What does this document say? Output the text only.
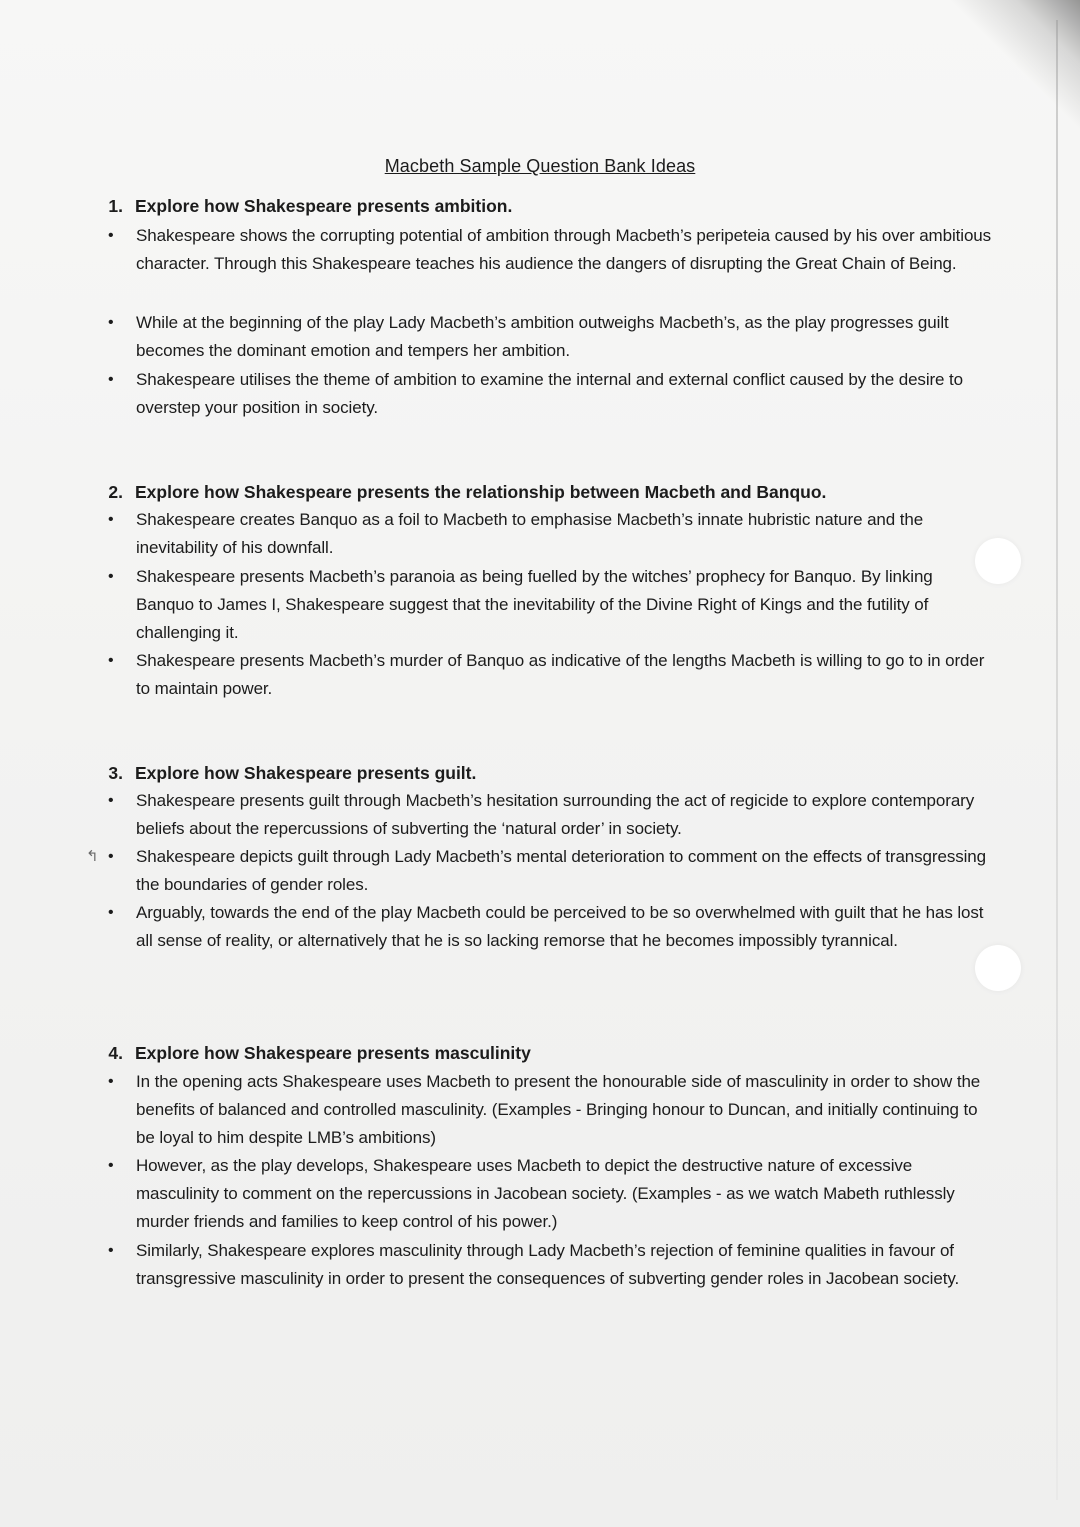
Macbeth Sample Question Bank Ideas
1. Explore how Shakespeare presents ambition.
•	Shakespeare shows the corrupting potential of ambition through Macbeth’s peripeteia caused by his over ambitious character. Through this Shakespeare teaches his audience the dangers of disrupting the Great Chain of Being.
•	While at the beginning of the play Lady Macbeth’s ambition outweighs Macbeth’s, as the play progresses guilt becomes the dominant emotion and tempers her ambition.
•	Shakespeare utilises the theme of ambition to examine the internal and external conflict caused by the desire to overstep your position in society.
2. Explore how Shakespeare presents the relationship between Macbeth and Banquo.
•	Shakespeare creates Banquo as a foil to Macbeth to emphasise Macbeth’s innate hubristic nature and the inevitability of his downfall.
•	Shakespeare presents Macbeth’s paranoia as being fuelled by the witches’ prophecy for Banquo. By linking Banquo to James I, Shakespeare suggest that the inevitability of the Divine Right of Kings and the futility of challenging it.
•	Shakespeare presents Macbeth’s murder of Banquo as indicative of the lengths Macbeth is willing to go to in order to maintain power.
3. Explore how Shakespeare presents guilt.
•	Shakespeare presents guilt through Macbeth’s hesitation surrounding the act of regicide to explore contemporary beliefs about the repercussions of subverting the ‘natural order’ in society.
↰ •	Shakespeare depicts guilt through Lady Macbeth’s mental deterioration to comment on the effects of transgressing the boundaries of gender roles.
•	Arguably, towards the end of the play Macbeth could be perceived to be so overwhelmed with guilt that he has lost all sense of reality, or alternatively that he is so lacking remorse that he becomes impossibly tyrannical.
4. Explore how Shakespeare presents masculinity
•	In the opening acts Shakespeare uses Macbeth to present the honourable side of masculinity in order to show the benefits of balanced and controlled masculinity. (Examples - Bringing honour to Duncan, and initially continuing to be loyal to him despite LMB’s ambitions)
•	However, as the play develops, Shakespeare uses Macbeth to depict the destructive nature of excessive masculinity to comment on the repercussions in Jacobean society. (Examples - as we watch Mabeth ruthlessly murder friends and families to keep control of his power.)
•	Similarly, Shakespeare explores masculinity through Lady Macbeth’s rejection of feminine qualities in favour of transgressive masculinity in order to present the consequences of subverting gender roles in Jacobean society.
